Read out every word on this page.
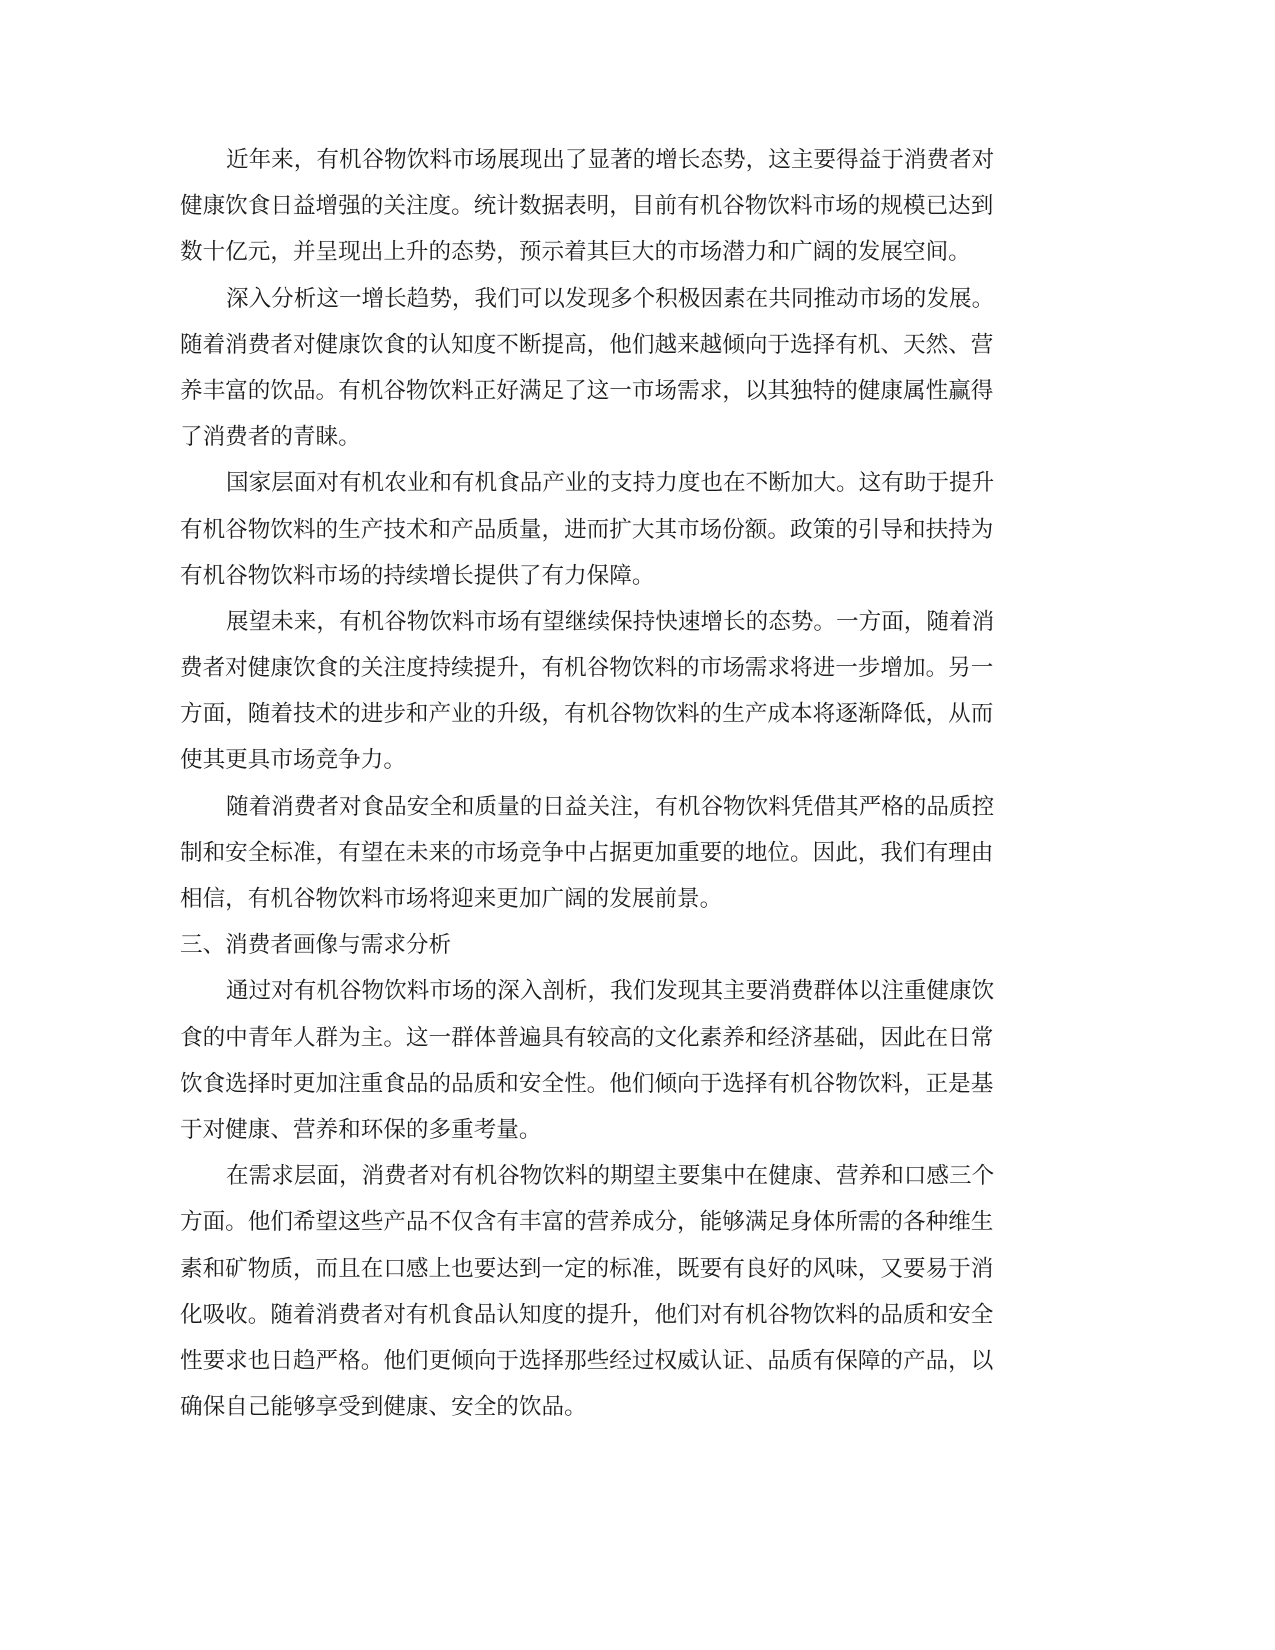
近年来，有机谷物饮料市场展现出了显著的增长态势，这主要得益于消费者对
健康饮食日益增强的关注度。统计数据表明，目前有机谷物饮料市场的规模已达到
数十亿元，并呈现出上升的态势，预示着其巨大的市场潜力和广阔的发展空间。
深入分析这一增长趋势，我们可以发现多个积极因素在共同推动市场的发展。
随着消费者对健康饮食的认知度不断提高，他们越来越倾向于选择有机、天然、营
养丰富的饮品。有机谷物饮料正好满足了这一市场需求，以其独特的健康属性赢得
了消费者的青睐。
国家层面对有机农业和有机食品产业的支持力度也在不断加大。这有助于提升
有机谷物饮料的生产技术和产品质量，进而扩大其市场份额。政策的引导和扶持为
有机谷物饮料市场的持续增长提供了有力保障。
展望未来，有机谷物饮料市场有望继续保持快速增长的态势。一方面，随着消
费者对健康饮食的关注度持续提升，有机谷物饮料的市场需求将进一步增加。另一
方面，随着技术的进步和产业的升级，有机谷物饮料的生产成本将逐渐降低，从而
使其更具市场竞争力。
随着消费者对食品安全和质量的日益关注，有机谷物饮料凭借其严格的品质控
制和安全标准，有望在未来的市场竞争中占据更加重要的地位。因此，我们有理由
相信，有机谷物饮料市场将迎来更加广阔的发展前景。
三、消费者画像与需求分析
通过对有机谷物饮料市场的深入剖析，我们发现其主要消费群体以注重健康饮
食的中青年人群为主。这一群体普遍具有较高的文化素养和经济基础，因此在日常
饮食选择时更加注重食品的品质和安全性。他们倾向于选择有机谷物饮料，正是基
于对健康、营养和环保的多重考量。
在需求层面，消费者对有机谷物饮料的期望主要集中在健康、营养和口感三个
方面。他们希望这些产品不仅含有丰富的营养成分，能够满足身体所需的各种维生
素和矿物质，而且在口感上也要达到一定的标准，既要有良好的风味，又要易于消
化吸收。随着消费者对有机食品认知度的提升，他们对有机谷物饮料的品质和安全
性要求也日趋严格。他们更倾向于选择那些经过权威认证、品质有保障的产品，以
确保自己能够享受到健康、安全的饮品。
